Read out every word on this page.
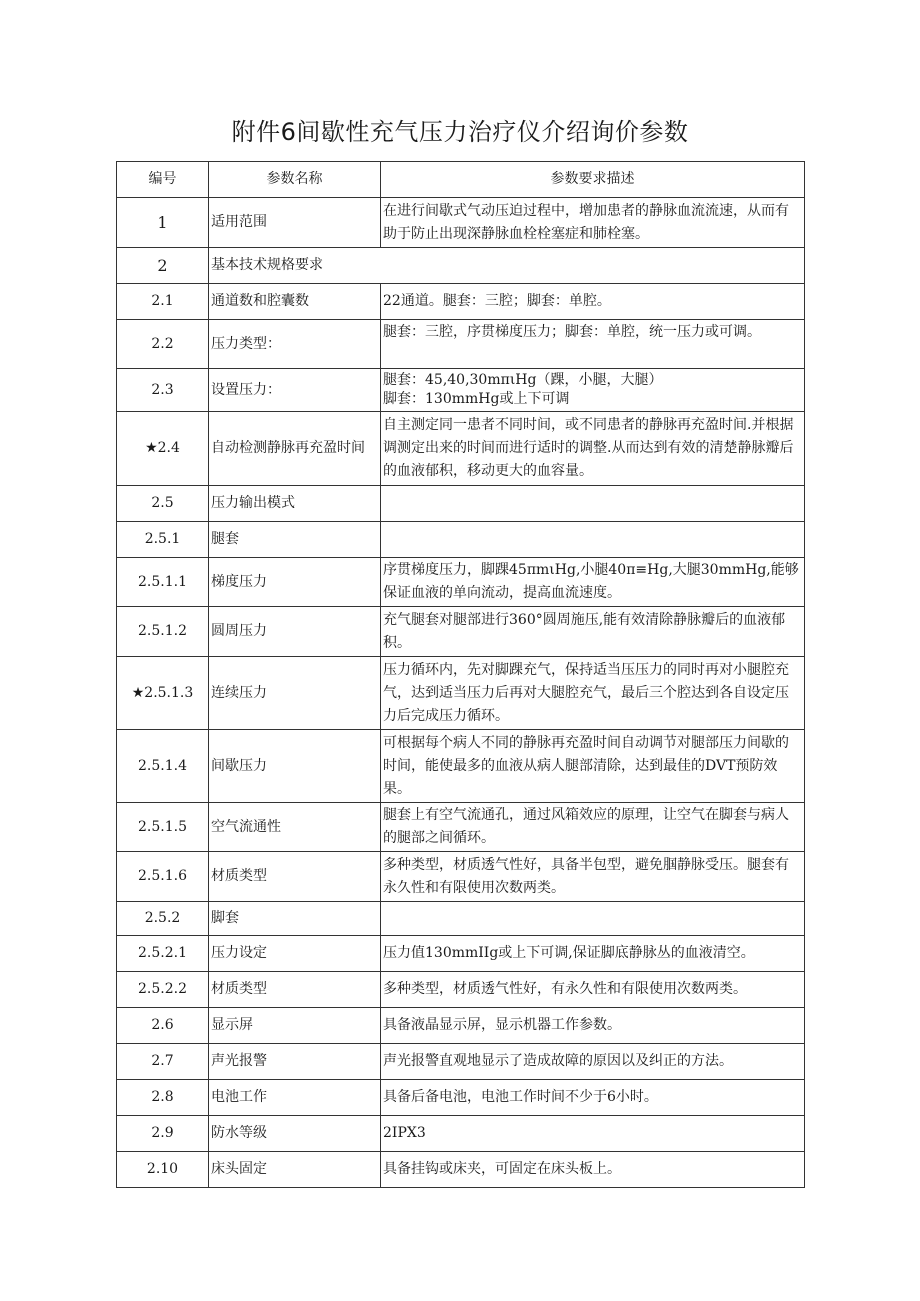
附件6间歇性充气压力治疗仪介绍询价参数
编号	参数名称	参数要求描述
1	适用范围	在进行间歇式气动压迫过程中，增加患者的静脉血流流速，从而有助于防止出现深静脉血栓栓塞症和肺栓塞。
2	基本技术规格要求	
2.1	通道数和腔囊数	22通道。腿套：三腔；脚套：单腔。
2.2	压力类型：	腿套：三腔，序贯梯度压力；脚套：单腔，统一压力或可调。
2.3	设置压力：	腿套：45,40,30mπιHg（踝，小腿，大腿）
脚套：130mmHg或上下可调

★2.4	自动检测静脉再充盈时间	自主测定同一患者不同时间，或不同患者的静脉再充盈时间.并根据调测定出来的时间而进行适时的调整.从而达到有效的清楚静脉瓣后的血液郁积，移动更大的血容量。
2.5	压力输出模式	
2.5.1	腿套	
2.5.1.1	梯度压力	序贯梯度压力，脚踝45πmιHg,小腿40π≡Hg,大腿30mmHg,能够保证血液的单向流动，提高血流速度。
2.5.1.2	圆周压力	充气腿套对腿部进行360°圆周施压,能有效清除静脉瓣后的血液郁积。
★2.5.1.3	连续压力	压力循环内，先对脚踝充气，保持适当压压力的同时再对小腿腔充气，达到适当压力后再对大腿腔充气，最后三个腔达到各自设定压力后完成压力循环。
2.5.1.4	间歇压力	可根据每个病人不同的静脉再充盈时间自动调节对腿部压力间歇的时间，能使最多的血液从病人腿部清除，达到最佳的DVT预防效果。
2.5.1.5	空气流通性	腿套上有空气流通孔，通过风箱效应的原理，让空气在脚套与病人的腿部之间循环。
2.5.1.6	材质类型	多种类型，材质透气性好，具备半包型，避免腘静脉受压。腿套有永久性和有限使用次数两类。
2.5.2	脚套	
2.5.2.1	压力设定	压力值130mmIIg或上下可调,保证脚底静脉丛的血液清空。
2.5.2.2	材质类型	多种类型，材质透气性好，有永久性和有限使用次数两类。
2.6	显示屏	具备液晶显示屏，显示机器工作参数。
2.7	声光报警	声光报警直观地显示了造成故障的原因以及纠正的方法。
2.8	电池工作	具备后备电池，电池工作时间不少于6小时。
2.9	防水等级	2IPX3
2.10	床头固定	具备挂钩或床夹，可固定在床头板上。
